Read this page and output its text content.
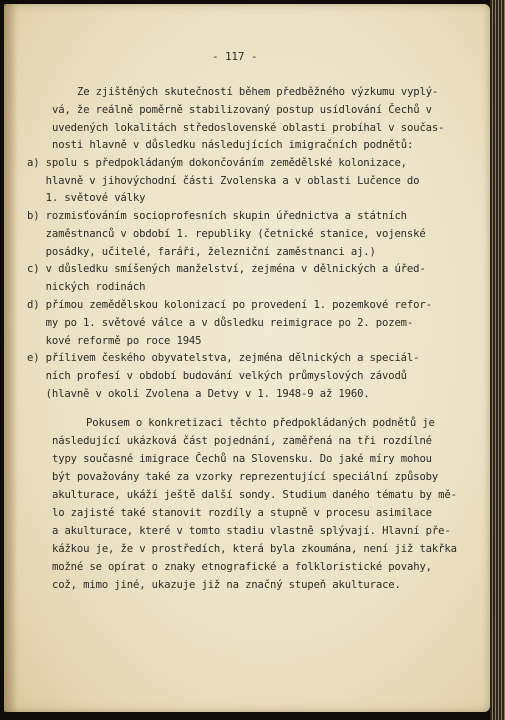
- 117 -

Ze zjištěných skutečností během předběžného výzkumu vyplý-

vá, že reálně poměrně stabilizovaný postup usídlování Čechů v

uvedených lokalitách středoslovenské oblasti probíhal v součas-

nosti hlavně v důsledku následujících imigračních podnětů:

a) spolu s předpokládaným dokončováním zemědělské kolonizace,

hlavně v jihovýchodní části Zvolenska a v oblasti Lučence do

1. světové války

b) rozmisťováním socioprofesních skupin úřednictva a státních

zaměstnanců v období 1. republiky (četnické stanice, vojenské

posádky, učitelé, faráři, železniční zaměstnanci aj.)

c) v důsledku smíšených manželství, zejména v dělnických a úřed-

nických rodinách

d) přímou zemědělskou kolonizací po provedení 1. pozemkové refor-

my po 1. světové válce a v důsledku reimigrace po 2. pozem-

kové reformě po roce 1945

e) přílivem českého obyvatelstva, zejména dělnických a speciál-

ních profesí v období budování velkých průmyslových závodů

(hlavně v okolí Zvolena a Detvy v 1. 1948-9 až 1960.

Pokusem o konkretizaci těchto předpokládaných podnětů je

následující ukázková část pojednání, zaměřená na tři rozdílné

typy současné imigrace Čechů na Slovensku. Do jaké míry mohou

být považovány také za vzorky reprezentující speciální způsoby

akulturace, ukáží ještě další sondy. Studium daného tématu by mě-

lo zajisté také stanovit rozdíly a stupně v procesu asimilace

a akulturace, které v tomto stadiu vlastně splývají. Hlavní pře-

kážkou je, že v prostředích, která byla zkoumána, není již takřka

možné se opírat o znaky etnografické a folkloristické povahy,

což, mimo jiné, ukazuje již na značný stupeň akulturace.
